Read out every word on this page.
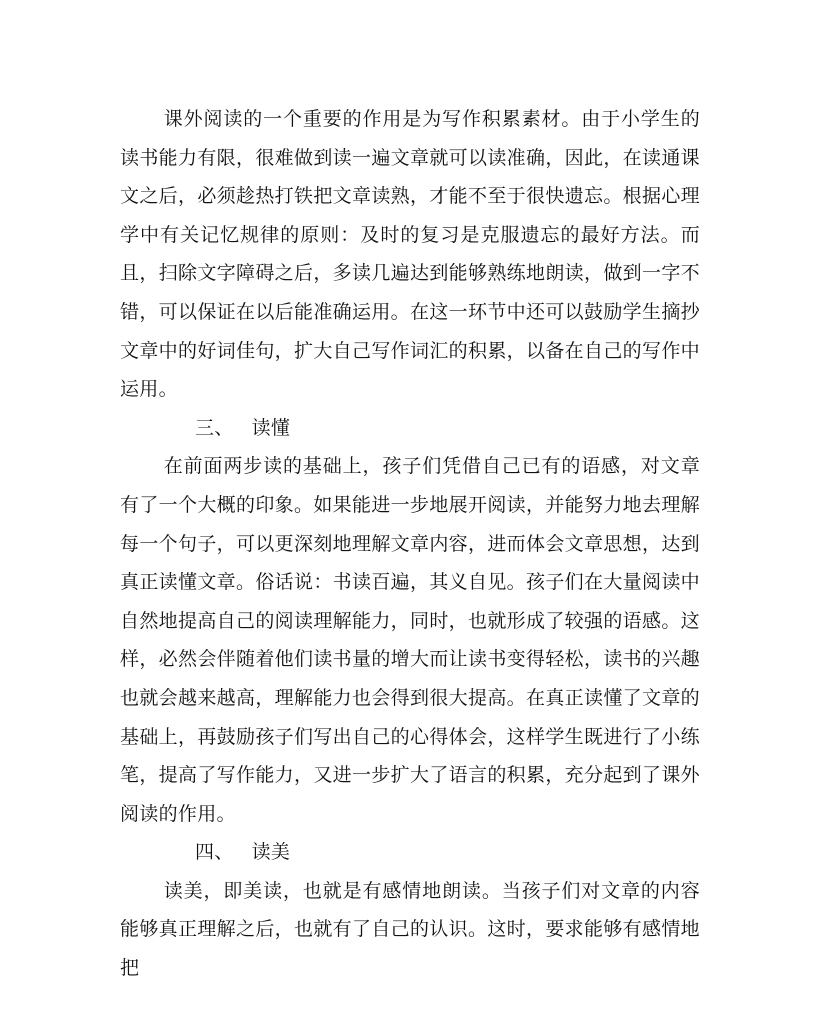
课外阅读的一个重要的作用是为写作积累素材。由于小学生的读书能力有限，很难做到读一遍文章就可以读准确，因此，在读通课文之后，必须趁热打铁把文章读熟，才能不至于很快遗忘。根据心理学中有关记忆规律的原则：及时的复习是克服遗忘的最好方法。而且，扫除文字障碍之后，多读几遍达到能够熟练地朗读，做到一字不错，可以保证在以后能准确运用。在这一环节中还可以鼓励学生摘抄文章中的好词佳句，扩大自己写作词汇的积累，以备在自己的写作中运用。

三、 读懂

在前面两步读的基础上，孩子们凭借自己已有的语感，对文章有了一个大概的印象。如果能进一步地展开阅读，并能努力地去理解每一个句子，可以更深刻地理解文章内容，进而体会文章思想，达到真正读懂文章。俗话说：书读百遍，其义自见。孩子们在大量阅读中自然地提高自己的阅读理解能力，同时，也就形成了较强的语感。这样，必然会伴随着他们读书量的增大而让读书变得轻松，读书的兴趣也就会越来越高，理解能力也会得到很大提高。在真正读懂了文章的基础上，再鼓励孩子们写出自己的心得体会，这样学生既进行了小练笔，提高了写作能力，又进一步扩大了语言的积累，充分起到了课外阅读的作用。

四、 读美

读美，即美读，也就是有感情地朗读。当孩子们对文章的内容能够真正理解之后，也就有了自己的认识。这时，要求能够有感情地把
